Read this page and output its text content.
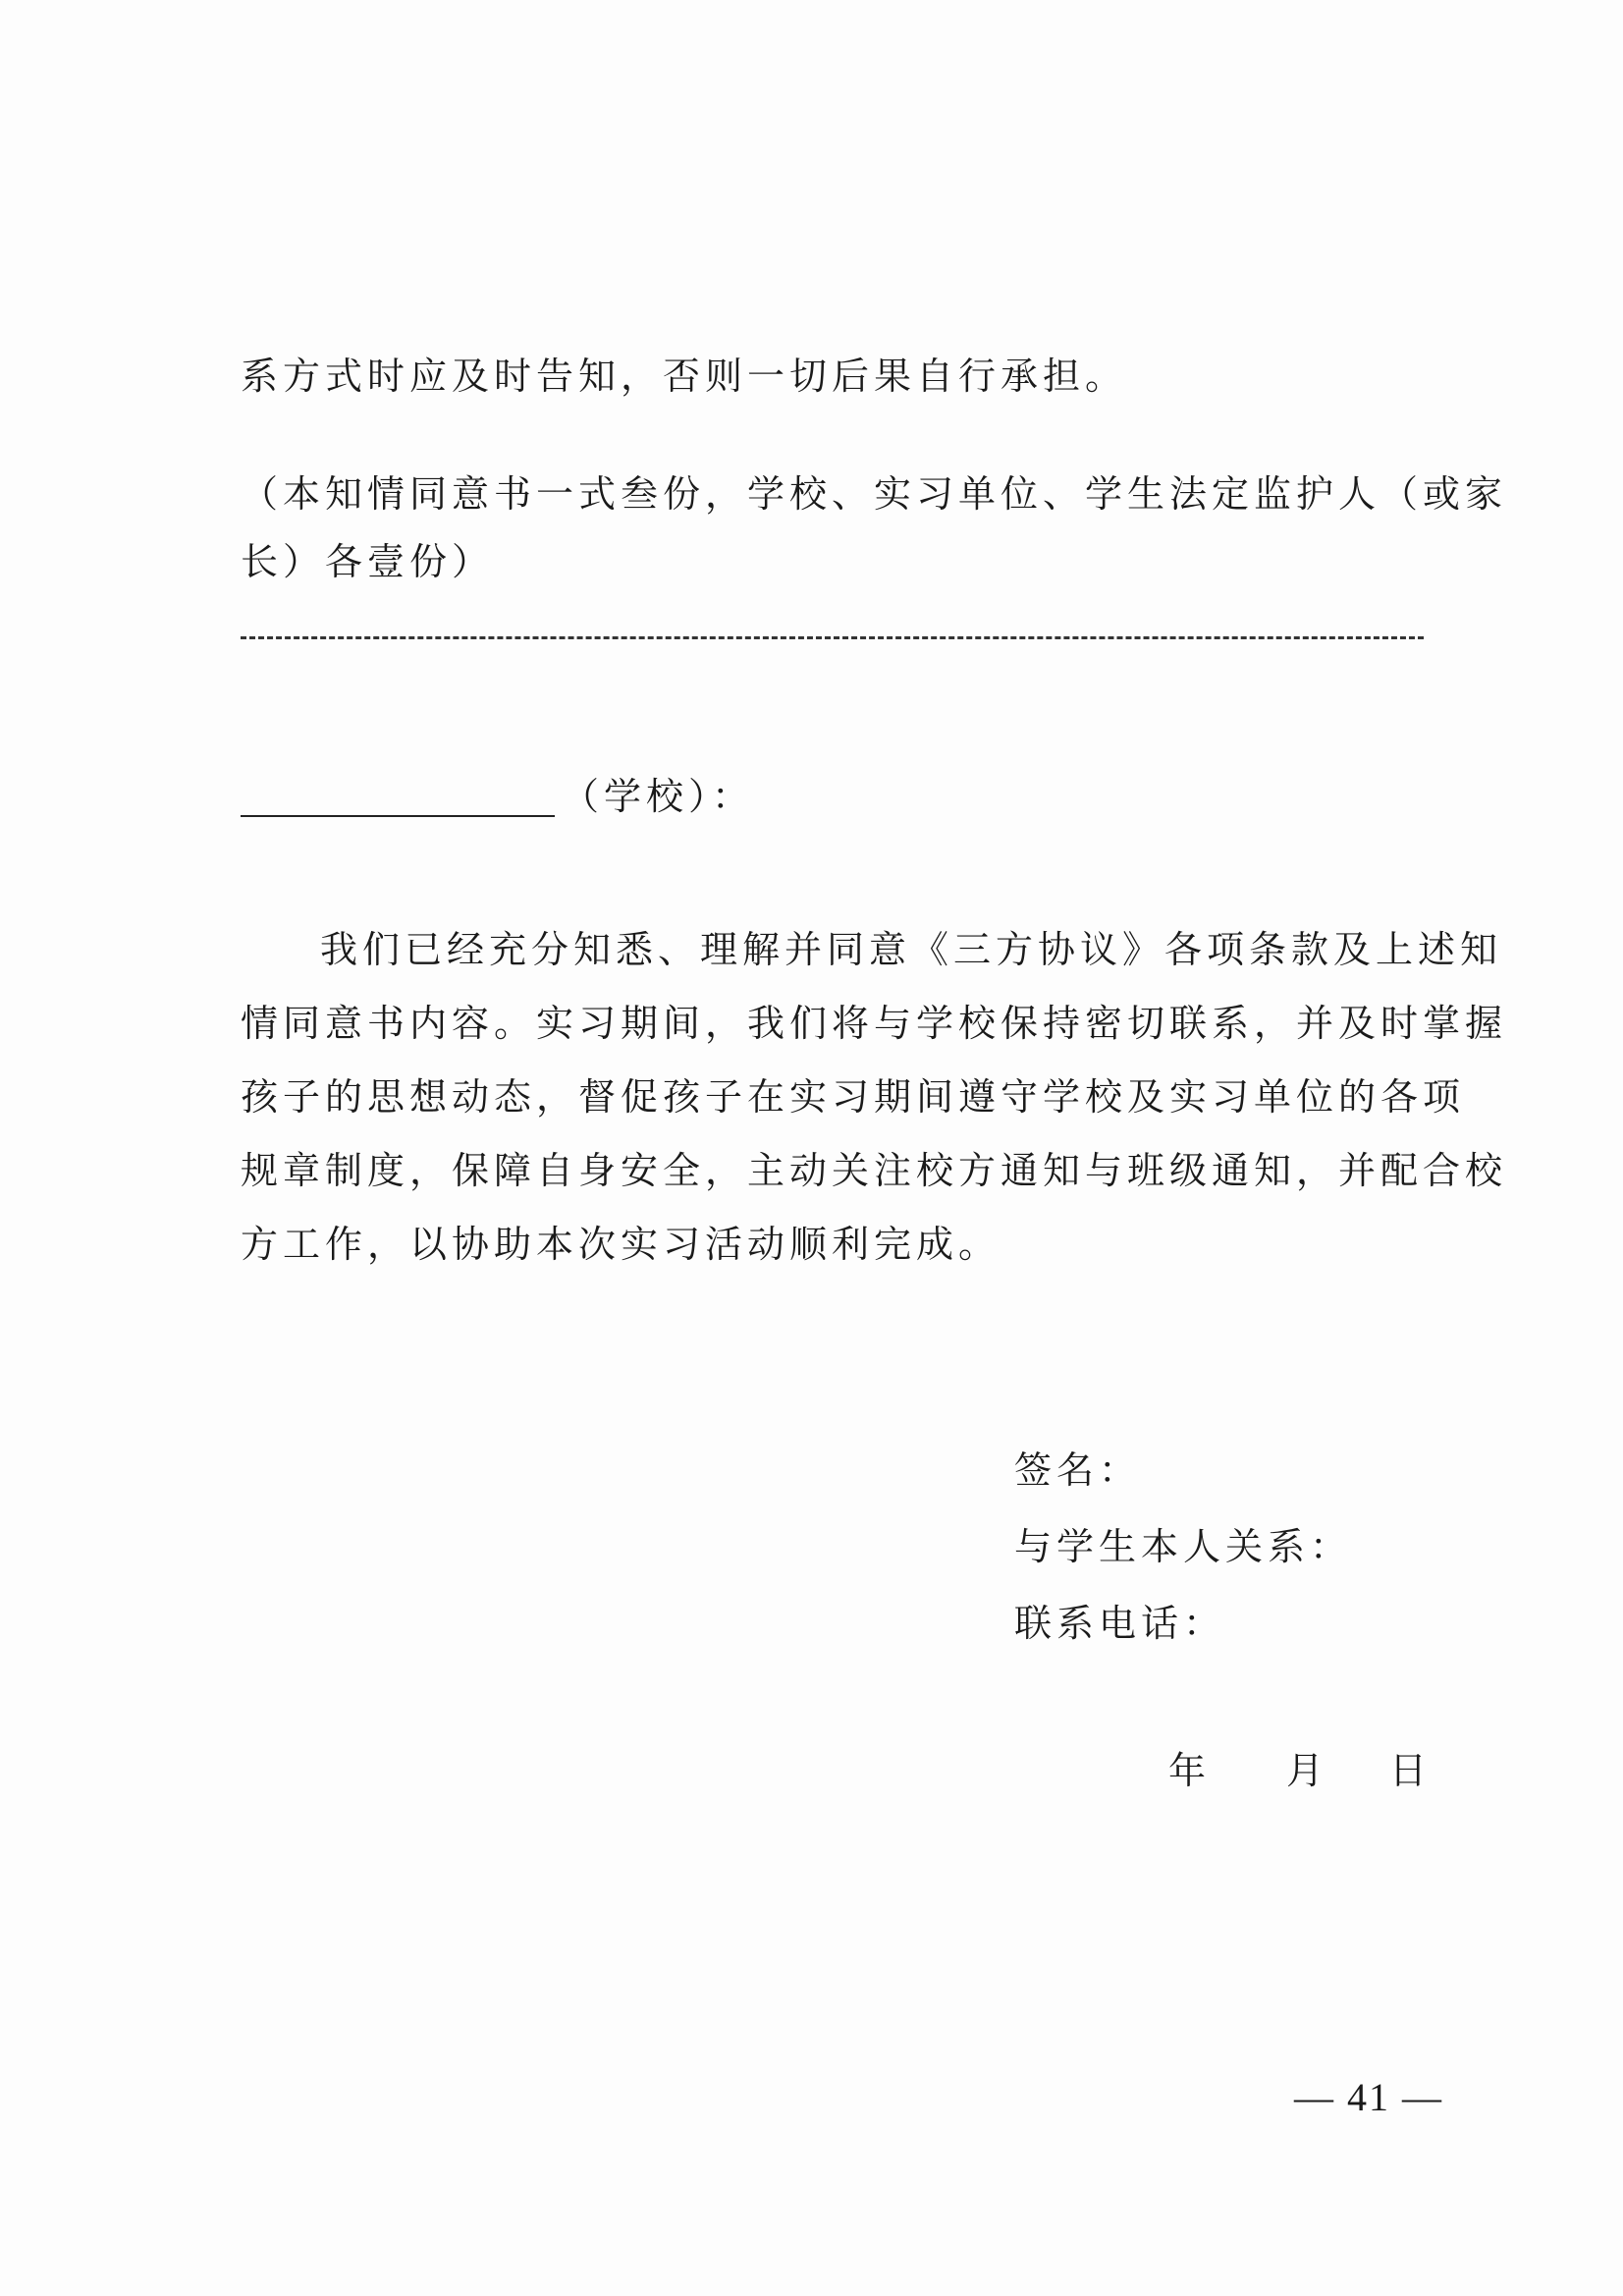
系方式时应及时告知，否则一切后果自行承担。
（本知情同意书一式叁份，学校、实习单位、学生法定监护人（或家
长）各壹份）
（学校）：
我们已经充分知悉、理解并同意《三方协议》各项条款及上述知
情同意书内容。实习期间，我们将与学校保持密切联系，并及时掌握
孩子的思想动态，督促孩子在实习期间遵守学校及实习单位的各项
规章制度，保障自身安全，主动关注校方通知与班级通知，并配合校
方工作，以协助本次实习活动顺利完成。
签名：
与学生本人关系：
联系电话：
年 月 日
— 41 —
